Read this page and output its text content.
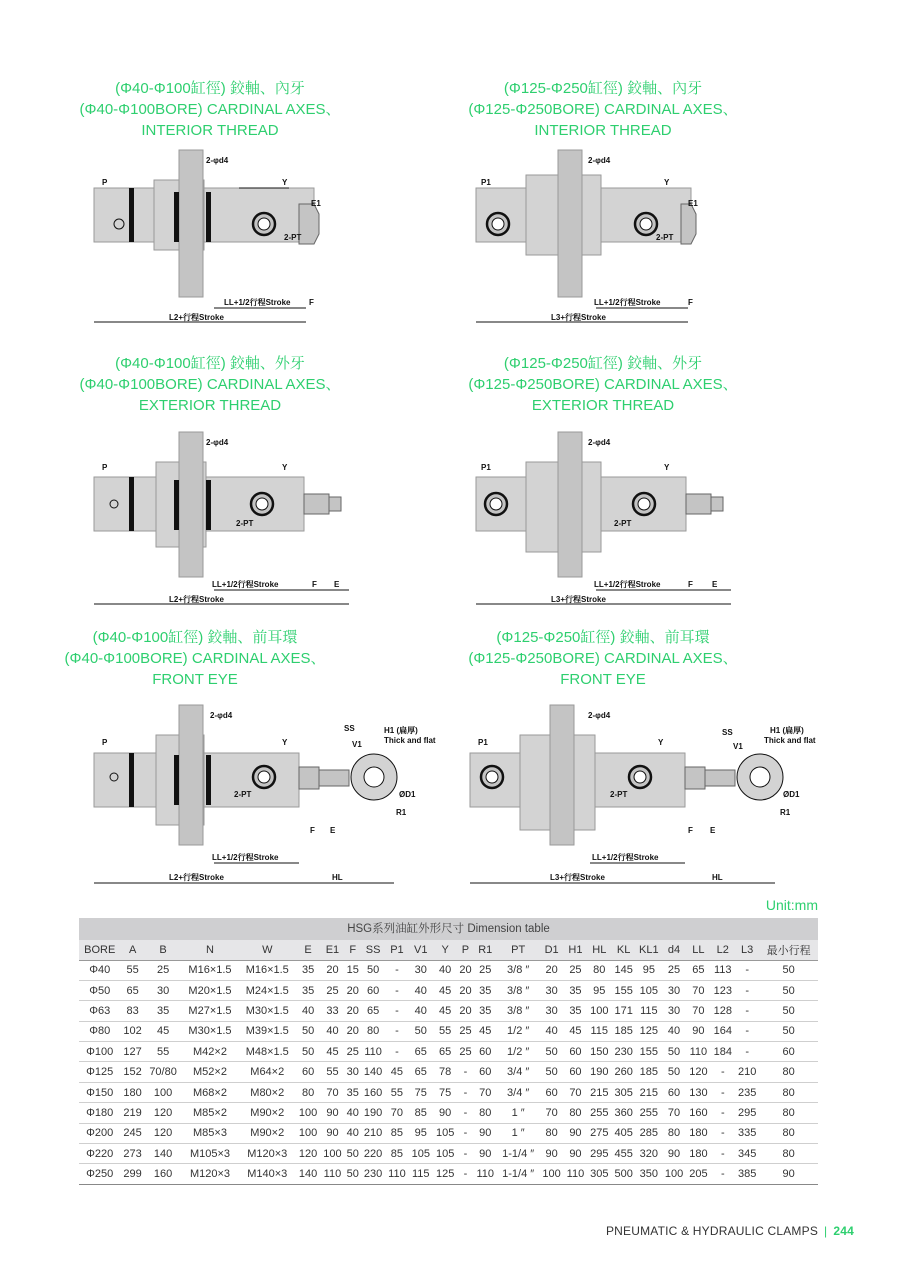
(Φ40-Φ100缸徑) 鉸軸、內牙
(Φ40-Φ100BORE) CARDINAL AXES、
INTERIOR THREAD
(Φ125-Φ250缸徑) 鉸軸、內牙
(Φ125-Φ250BORE) CARDINAL AXES、
INTERIOR THREAD
(Φ40-Φ100缸徑) 鉸軸、外牙
(Φ40-Φ100BORE) CARDINAL AXES、
EXTERIOR THREAD
(Φ125-Φ250缸徑) 鉸軸、外牙
(Φ125-Φ250BORE) CARDINAL AXES、
EXTERIOR THREAD
(Φ40-Φ100缸徑) 鉸軸、前耳環
(Φ40-Φ100BORE) CARDINAL AXES、
FRONT EYE
(Φ125-Φ250缸徑) 鉸軸、前耳環
(Φ125-Φ250BORE) CARDINAL AXES、
FRONT EYE
P
2-φd4
Y
E1
2-PT
LL+1/2行程Stroke
L2+行程Stroke
F
P1
2-φd4
Y
E1
2-PT
LL+1/2行程Stroke
L3+行程Stroke
F
P
2-φd4
Y
2-PT
LL+1/2行程Stroke
L2+行程Stroke
F E
P1
2-φd4
Y
2-PT
LL+1/2行程Stroke
L3+行程Stroke
F E
P
2-φd4
Y
SS
V1
H1 (扁厚)
Thick and flat
2-PT	ØD1
R1
F E
LL+1/2行程Stroke
L2+行程Stroke	HL
P1
2-φd4
Y
SS
V1
H1 (扁厚)
Thick and flat
2-PT	ØD1
R1
F E
LL+1/2行程Stroke
L3+行程Stroke	HL
Unit:mm
HSG系列油缸外形尺寸 Dimension table
BORE	A	B	N	W	E	E1	F	SS	P1	V1	Y	P	R1	PT	D1	H1	HL	KL	KL1	d4	LL	L2	L3	最小行程
Φ40	55	25	M16×1.5	M16×1.5	35	20	15	50	-	30	40	20	25	3/8 ″	20	25	80	145	95	25	65	113	-	50
Φ50	65	30	M20×1.5	M24×1.5	35	25	20	60	-	40	45	20	35	3/8 ″	30	35	95	155	105	30	70	123	-	50
Φ63	83	35	M27×1.5	M30×1.5	40	33	20	65	-	40	45	20	35	3/8 ″	30	35	100	171	115	30	70	128	-	50
Φ80	102	45	M30×1.5	M39×1.5	50	40	20	80	-	50	55	25	45	1/2 ″	40	45	115	185	125	40	90	164	-	50
Φ100	127	55	M42×2	M48×1.5	50	45	25	110	-	65	65	25	60	1/2 ″	50	60	150	230	155	50	110	184	-	60
Φ125	152	70/80	M52×2	M64×2	60	55	30	140	45	65	78	-	60	3/4 ″	50	60	190	260	185	50	120	-	210	80
Φ150	180	100	M68×2	M80×2	80	70	35	160	55	75	75	-	70	3/4 ″	60	70	215	305	215	60	130	-	235	80
Φ180	219	120	M85×2	M90×2	100	90	40	190	70	85	90	-	80	1 ″	70	80	255	360	255	70	160	-	295	80
Φ200	245	120	M85×3	M90×2	100	90	40	210	85	95	105	-	90	1 ″	80	90	275	405	285	80	180	-	335	80
Φ220	273	140	M105×3	M120×3	120	100	50	220	85	105	105	-	90	1-1/4 ″	90	90	295	455	320	90	180	-	345	80
Φ250	299	160	M120×3	M140×3	140	110	50	230	110	115	125	-	110	1-1/4 ″	100	110	305	500	350	100	205	-	385	90
PNEUMATIC & HYDRAULIC CLAMPS | 244
